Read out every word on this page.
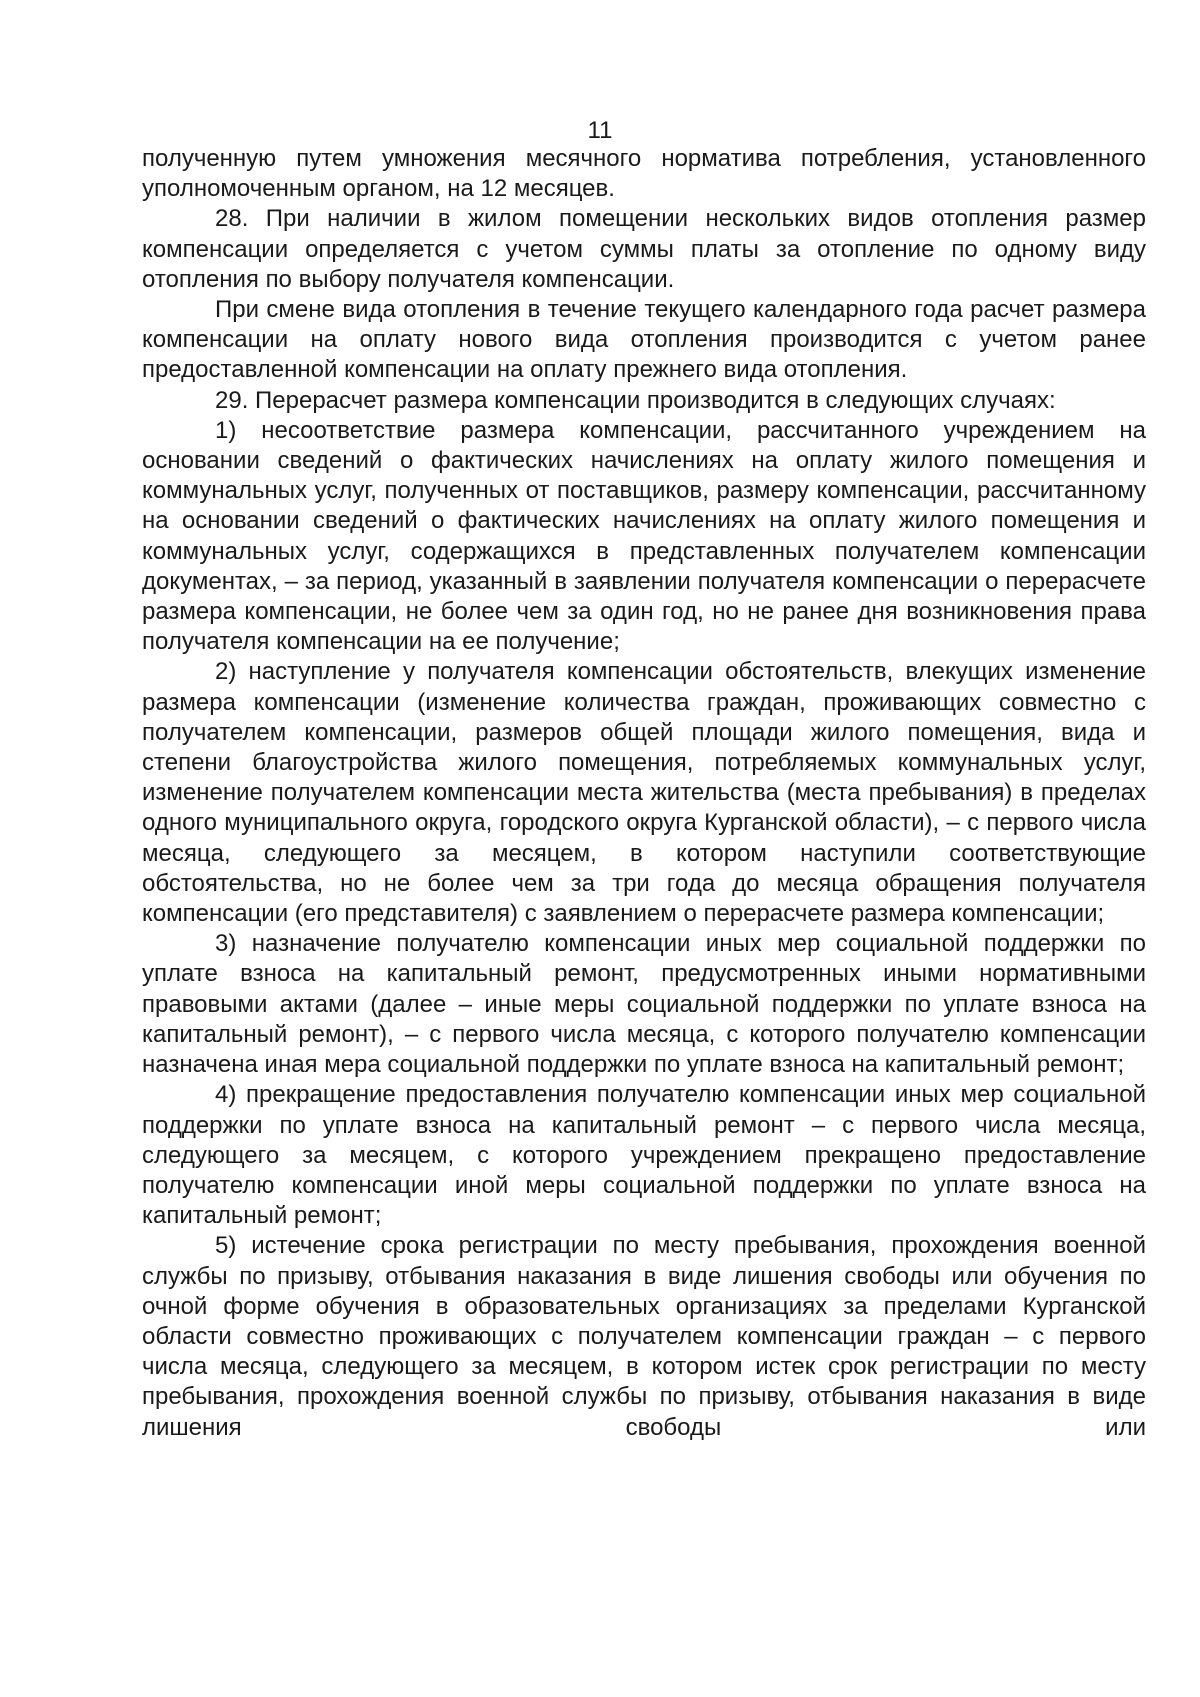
11

полученную путем умножения месячного норматива потребления, установленного уполномоченным органом, на 12 месяцев.

28. При наличии в жилом помещении нескольких видов отопления размер компенсации определяется с учетом суммы платы за отопление по одному виду отопления по выбору получателя компенсации.

При смене вида отопления в течение текущего календарного года расчет размера компенсации на оплату нового вида отопления производится с учетом ранее предоставленной компенсации на оплату прежнего вида отопления.

29. Перерасчет размера компенсации производится в следующих случаях:

1) несоответствие размера компенсации, рассчитанного учреждением на основании сведений о фактических начислениях на оплату жилого помещения и коммунальных услуг, полученных от поставщиков, размеру компенсации, рассчитанному на основании сведений о фактических начислениях на оплату жилого помещения и коммунальных услуг, содержащихся в представленных получателем компенсации документах, – за период, указанный в заявлении получателя компенсации о перерасчете размера компенсации, не более чем за один год, но не ранее дня возникновения права получателя компенсации на ее получение;

2) наступление у получателя компенсации обстоятельств, влекущих изменение размера компенсации (изменение количества граждан, проживающих совместно с получателем компенсации, размеров общей площади жилого помещения, вида и степени благоустройства жилого помещения, потребляемых коммунальных услуг, изменение получателем компенсации места жительства (места пребывания) в пределах одного муниципального округа, городского округа Курганской области), – с первого числа месяца, следующего за месяцем, в котором наступили соответствующие обстоятельства, но не более чем за три года до месяца обращения получателя компенсации (его представителя) с заявлением о перерасчете размера компенсации;

3) назначение получателю компенсации иных мер социальной поддержки по уплате взноса на капитальный ремонт, предусмотренных иными нормативными правовыми актами (далее – иные меры социальной поддержки по уплате взноса на капитальный ремонт), – с первого числа месяца, с которого получателю компенсации назначена иная мера социальной поддержки по уплате взноса на капитальный ремонт;

4) прекращение предоставления получателю компенсации иных мер социальной поддержки по уплате взноса на капитальный ремонт – с первого числа месяца, следующего за месяцем, с которого учреждением прекращено предоставление получателю компенсации иной меры социальной поддержки по уплате взноса на капитальный ремонт;

5) истечение срока регистрации по месту пребывания, прохождения военной службы по призыву, отбывания наказания в виде лишения свободы или обучения по очной форме обучения в образовательных организациях за пределами Курганской области совместно проживающих с получателем компенсации граждан – с первого числа месяца, следующего за месяцем, в котором истек срок регистрации по месту пребывания, прохождения военной службы по призыву, отбывания наказания в виде лишения свободы или
